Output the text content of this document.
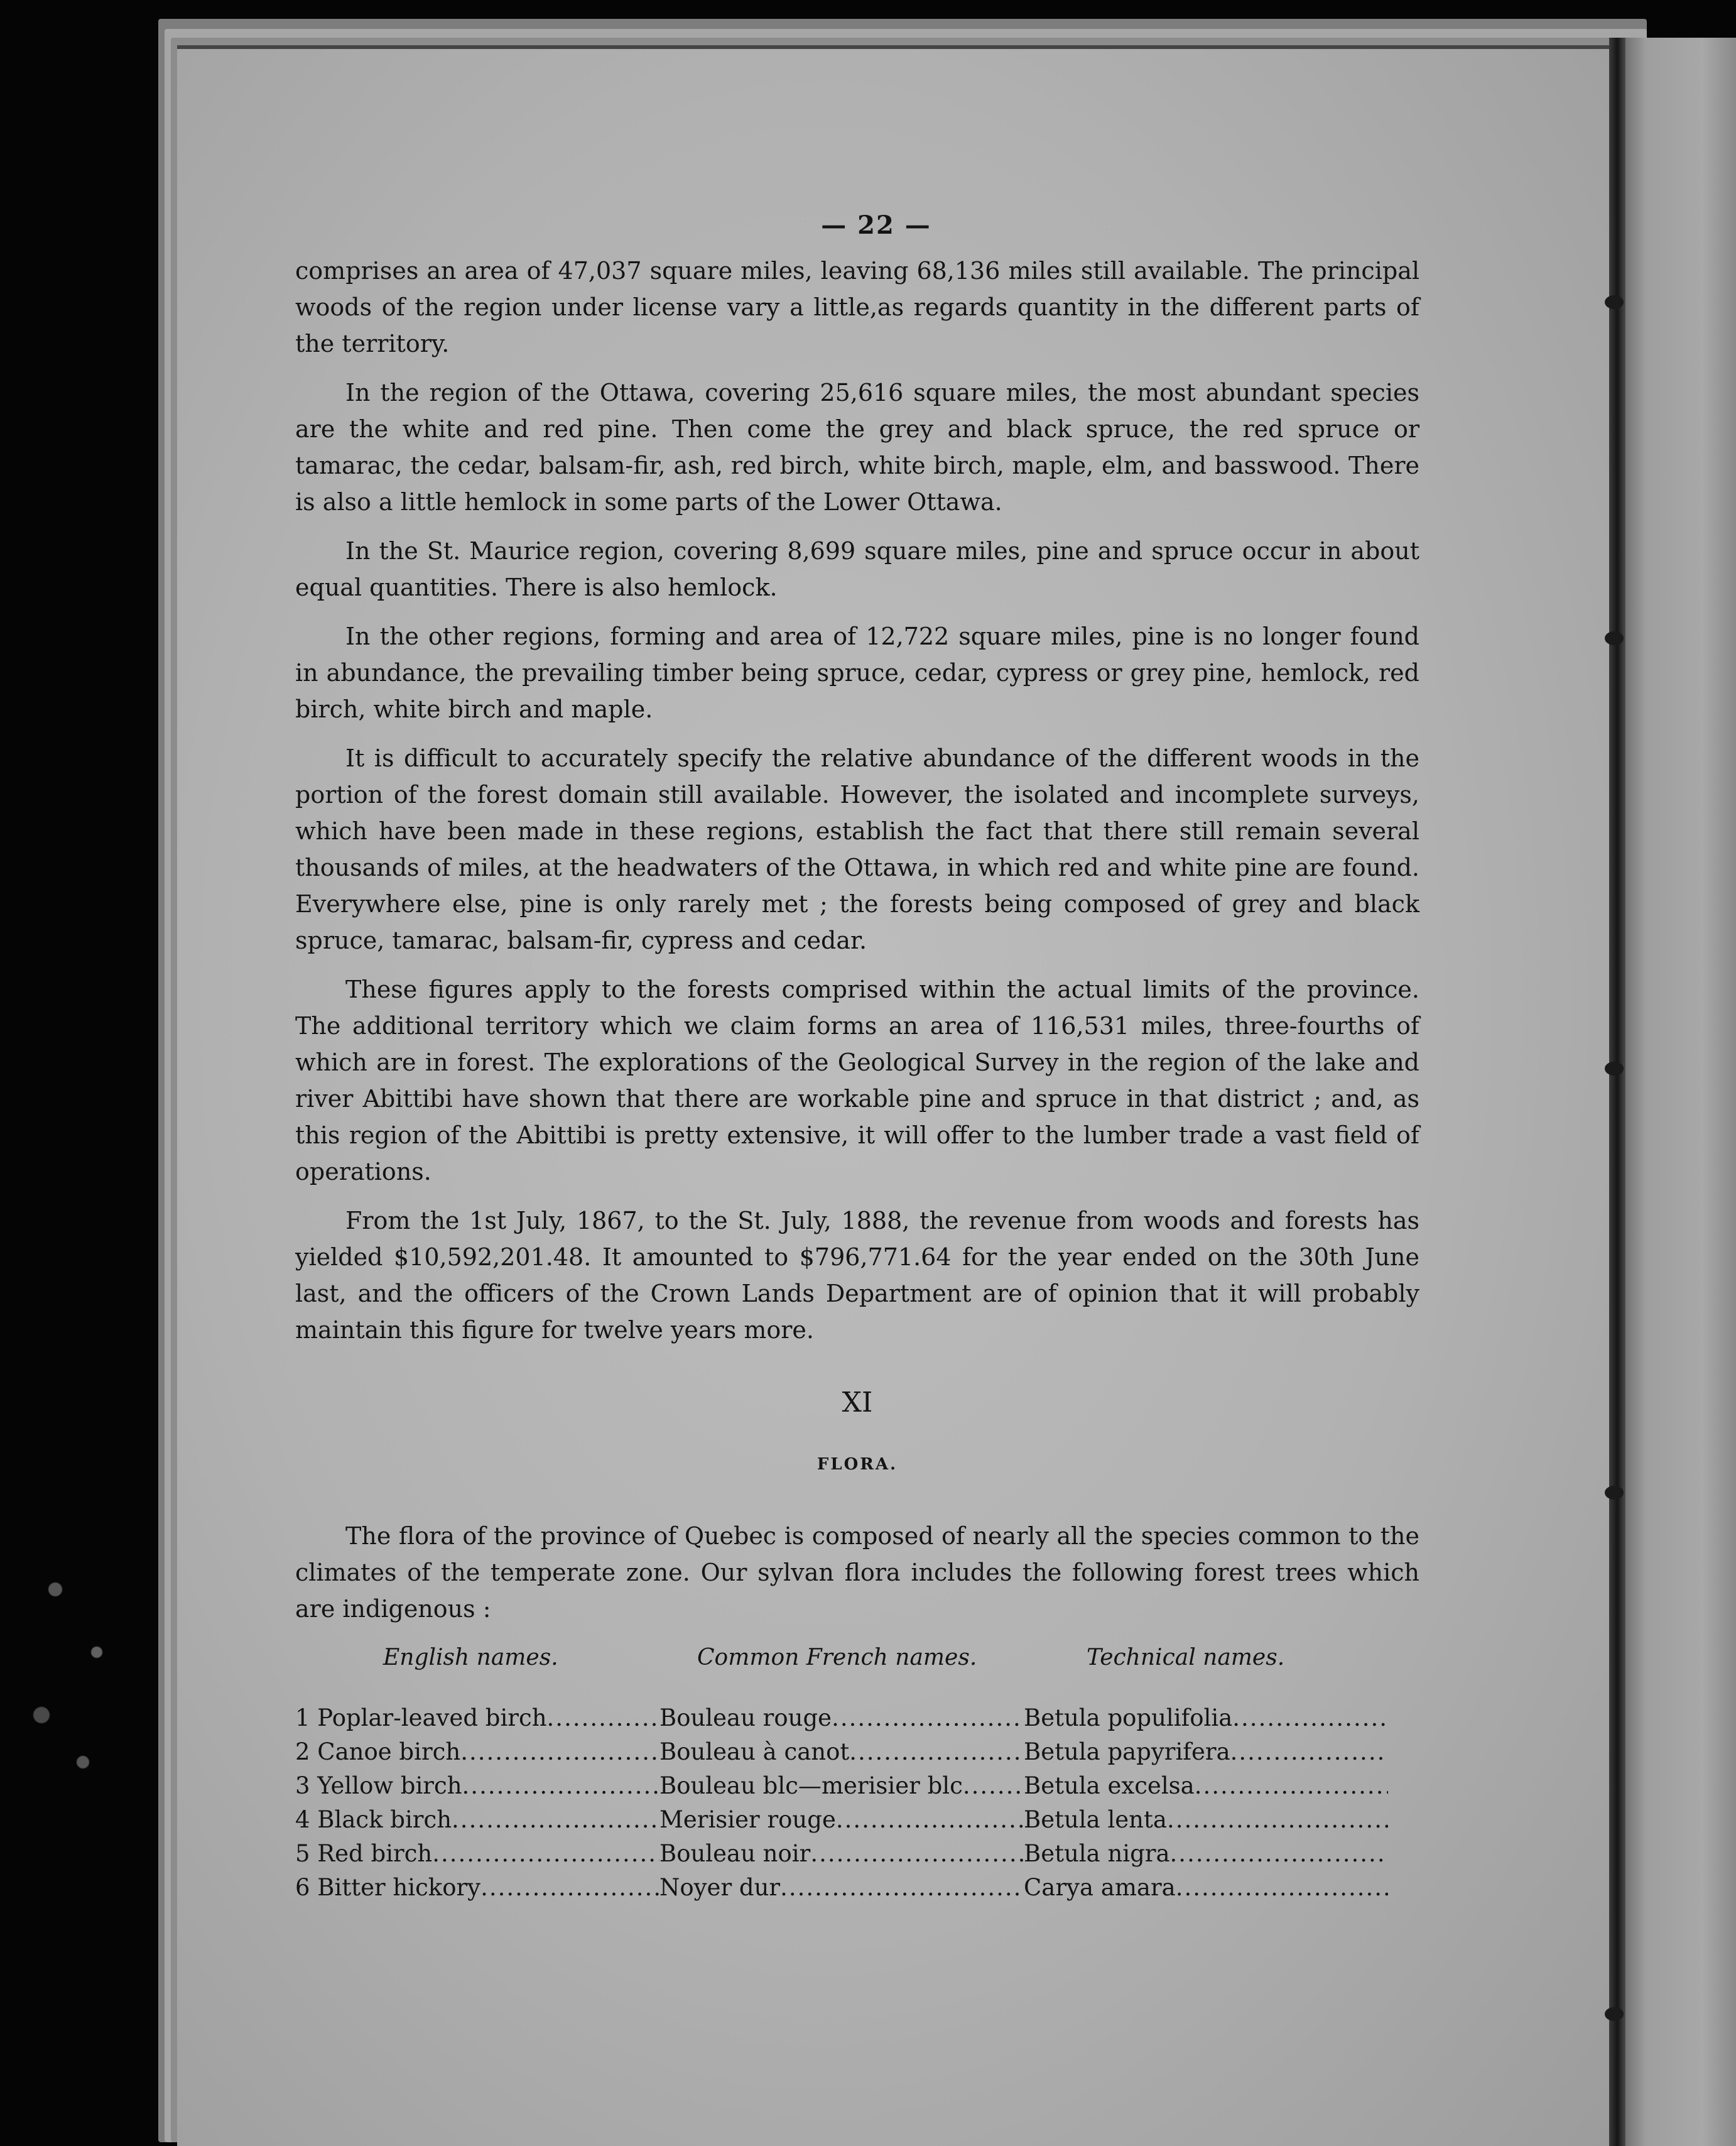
— 22 —

comprises an area of 47,037 square miles, leaving 68,136 miles still available. The principal woods of the region under license vary a little,as regards quantity in the different parts of the territory.

In the region of the Ottawa, covering 25,616 square miles, the most abundant species are the white and red pine. Then come the grey and black spruce, the red spruce or tamarac, the cedar, balsam-fir, ash, red birch, white birch, maple, elm, and basswood. There is also a little hemlock in some parts of the Lower Ottawa.

In the St. Maurice region, covering 8,699 square miles, pine and spruce occur in about equal quantities. There is also hemlock.

In the other regions, forming and area of 12,722 square miles, pine is no longer found in abundance, the prevailing timber being spruce, cedar, cypress or grey pine, hemlock, red birch, white birch and maple.

It is difficult to accurately specify the relative abundance of the different woods in the portion of the forest domain still available. However, the isolated and incomplete surveys, which have been made in these regions, establish the fact that there still remain several thousands of miles, at the headwaters of the Ottawa, in which red and white pine are found. Everywhere else, pine is only rarely met ; the forests being composed of grey and black spruce, tamarac, balsam-fir, cypress and cedar.

These figures apply to the forests comprised within the actual limits of the province. The additional territory which we claim forms an area of 116,531 miles, three-fourths of which are in forest. The explorations of the Geological Survey in the region of the lake and river Abittibi have shown that there are workable pine and spruce in that district ; and, as this region of the Abittibi is pretty extensive, it will offer to the lumber trade a vast field of operations.

From the 1st July, 1867, to the St. July, 1888, the revenue from woods and forests has yielded $10,592,201.48. It amounted to $796,771.64 for the year ended on the 30th June last, and the officers of the Crown Lands Department are of opinion that it will probably maintain this figure for twelve years more.

XI
FLORA.

The flora of the province of Quebec is composed of nearly all the species common to the climates of the temperate zone. Our sylvan flora includes the following forest trees which are indigenous :

English names.	Common French names.	Technical names.
1 Poplar-leaved birch .....	Bouleau rouge .....	Betula populifolia
.....
2 Canoe birch .....	Bouleau à canot .....	Betula papyrifera
.....
3 Yellow birch .....	Bouleau blc—merisier blc .....	Betula excelsa
.....
4 Black birch .....	Merisier rouge .....	Betula lenta
.....
5 Red birch .....	Bouleau noir .....	Betula nigra
.....
6 Bitter hickory .....	Noyer dur .....	Carya amara
.....
